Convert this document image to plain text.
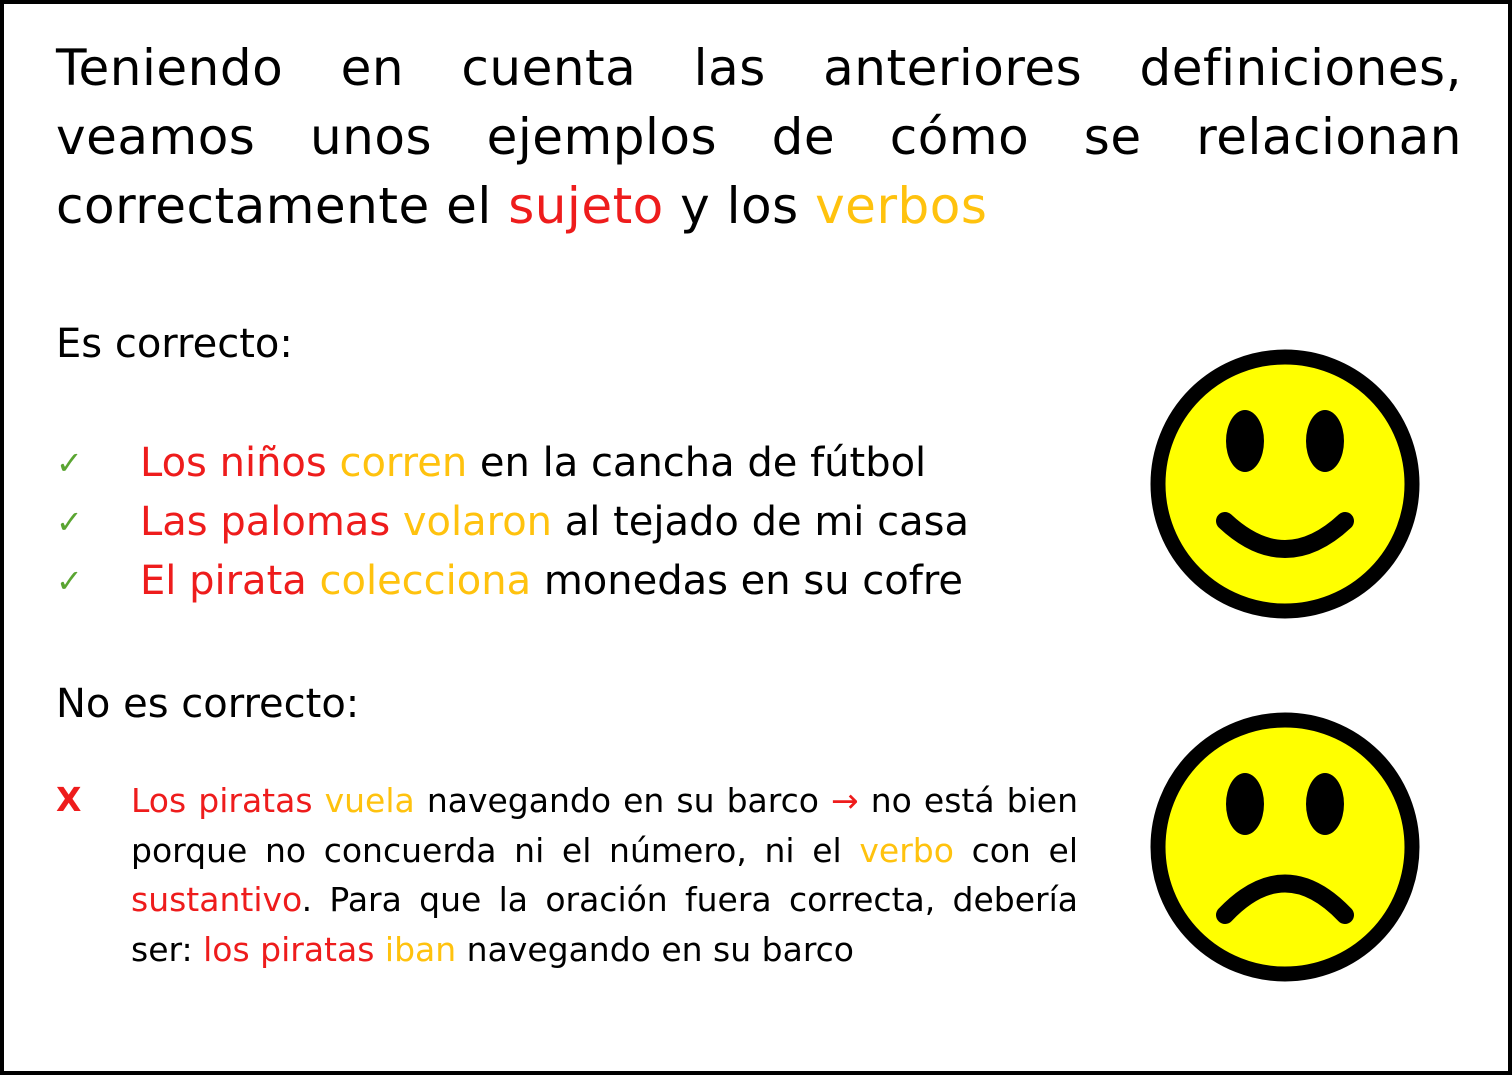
Teniendo en cuenta las anteriores definiciones, veamos unos ejemplos de cómo se relacionan correctamente el sujeto y los verbos
Es correcto:
✓	Los niños
corren
en la cancha de fútbol
✓	Las palomas
volaron
al tejado de mi casa
✓	El pirata
colecciona
monedas en su cofre
No es correcto:
X Los piratas vuela navegando en su barco → no está bien porque no concuerda ni el número, ni el verbo con el sustantivo. Para que la oración fuera correcta, debería ser: los piratas iban navegando en su barco
